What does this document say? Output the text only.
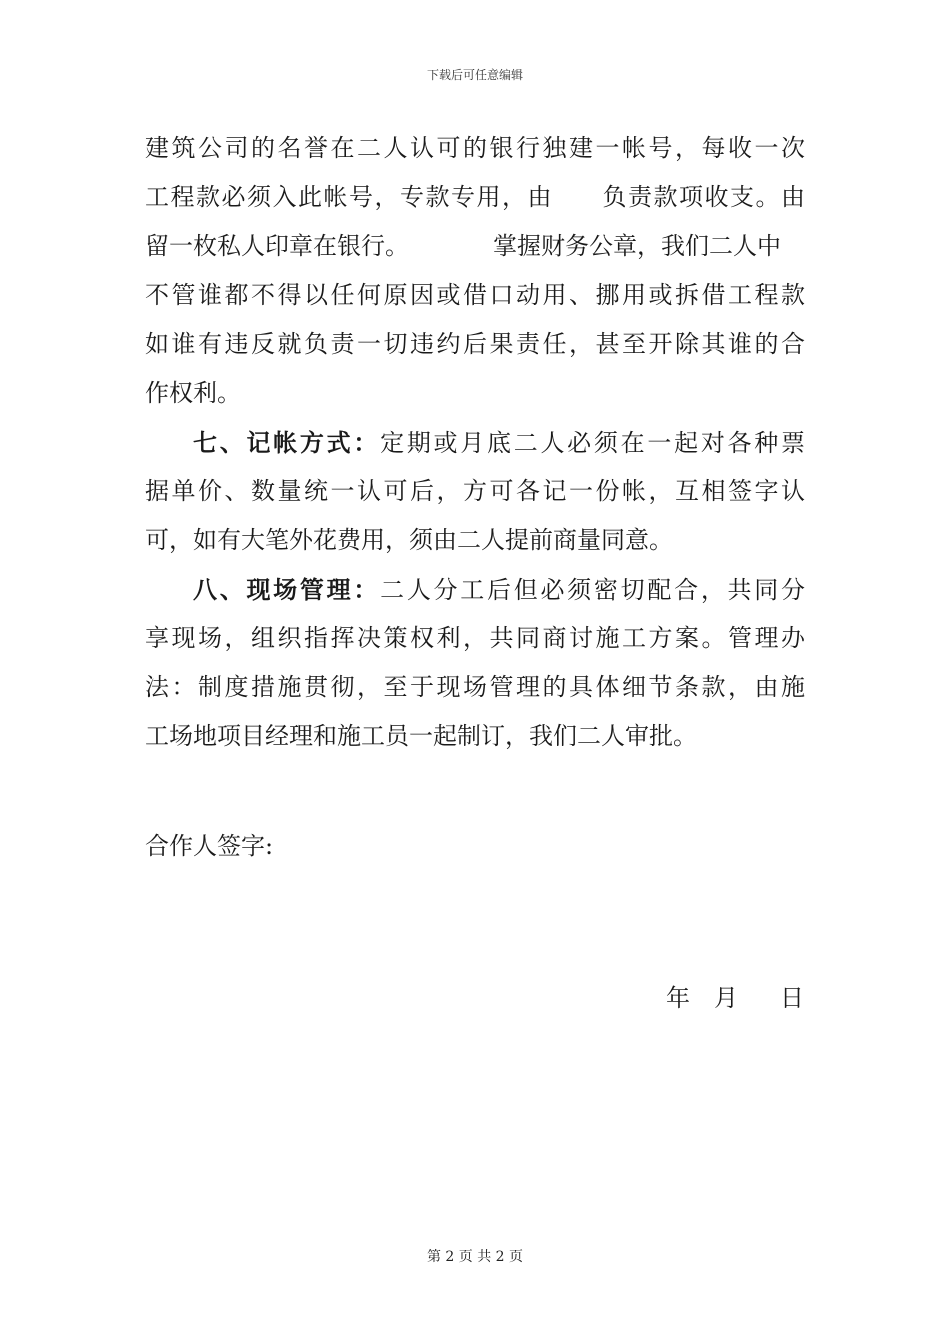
下载后可任意编辑
建筑公司的名誉在二人认可的银行独建一帐号，每收一次
工程款必须入此帐号，专款专用，由 负责款项收支。由
留一枚私人印章在银行。	掌握财务公章，我们二人中
不管谁都不得以任何原因或借口动用、挪用或拆借工程款
如谁有违反就负责一切违约后果责任，甚至开除其谁的合
作权利。
七、记帐方式：定期或月底二人必须在一起对各种票
据单价、数量统一认可后，方可各记一份帐，互相签字认
可，如有大笔外花费用，须由二人提前商量同意。
八、现场管理：二人分工后但必须密切配合，共同分
享现场，组织指挥决策权利，共同商讨施工方案。管理办
法：制度措施贯彻，至于现场管理的具体细节条款，由施
工场地项目经理和施工员一起制订，我们二人审批。
合作人签字:
年 月 日
第 2 页 共 2 页
